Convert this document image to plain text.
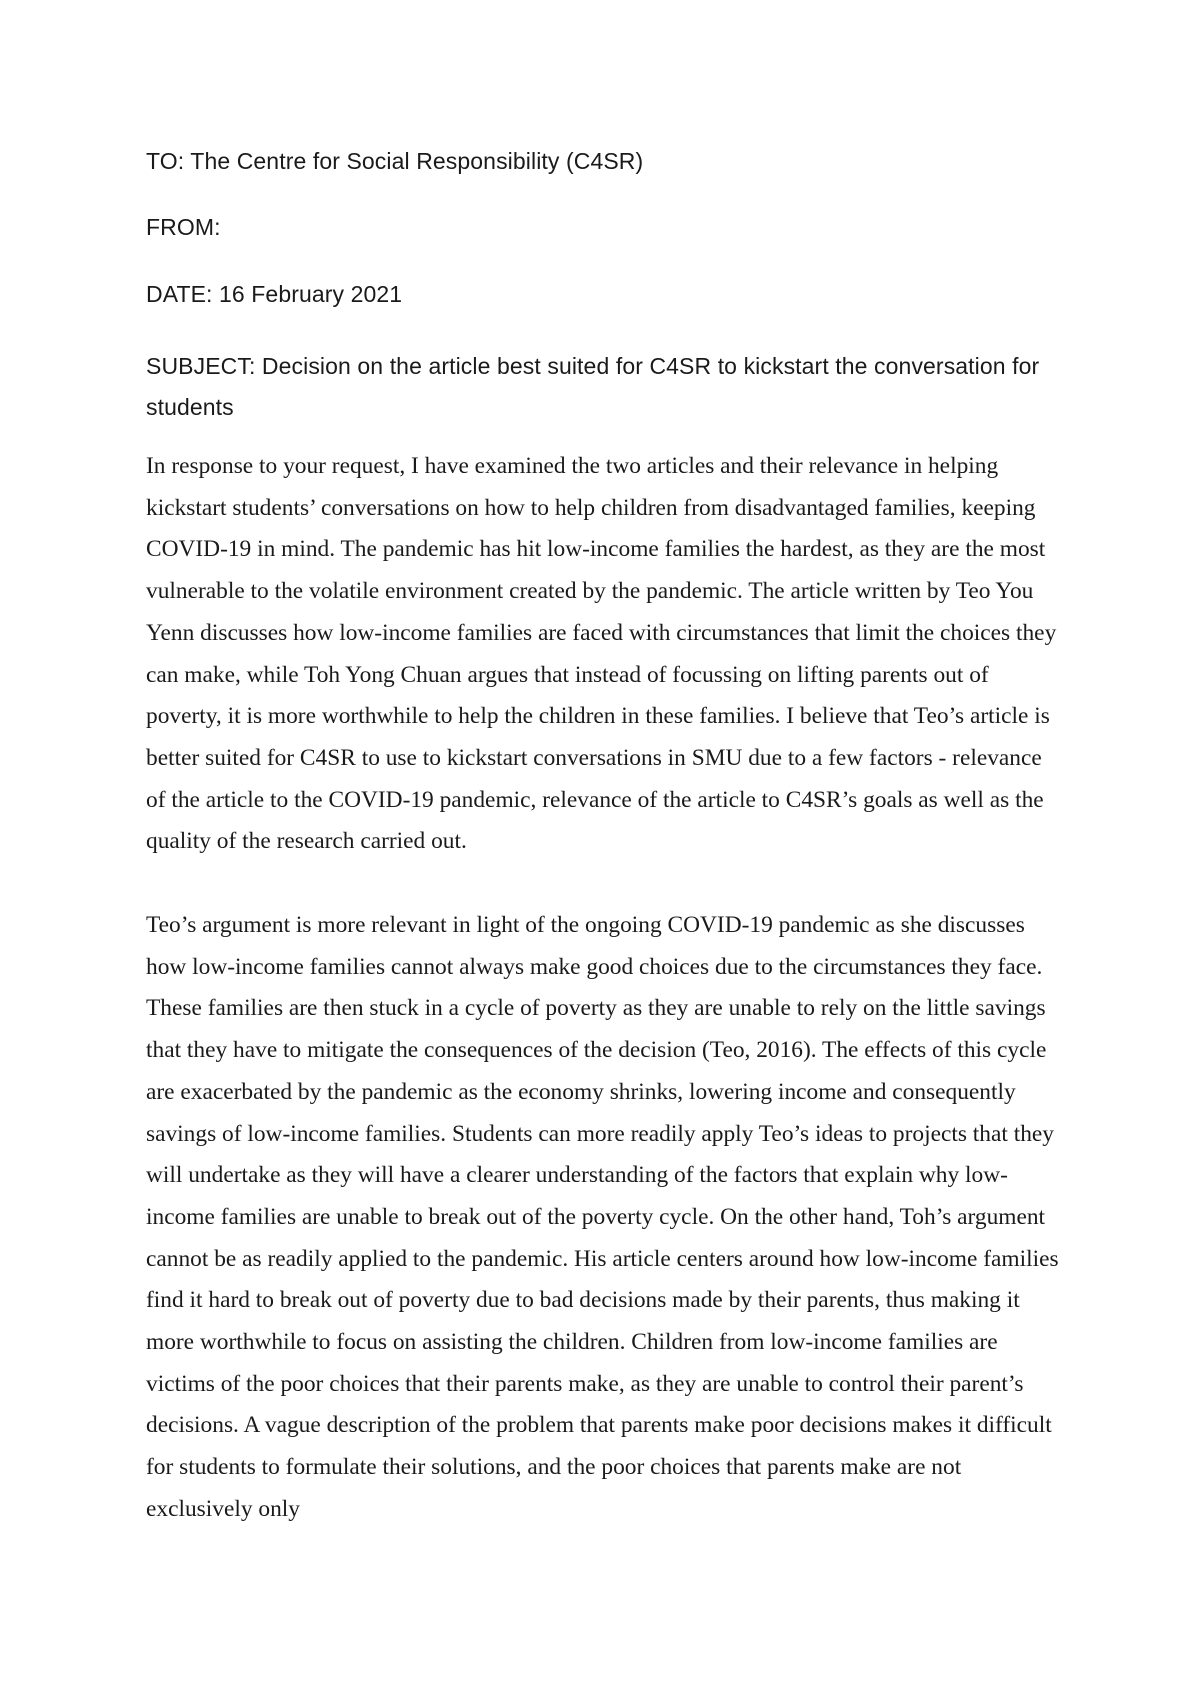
TO: The Centre for Social Responsibility (C4SR)
FROM:
DATE: 16 February 2021
SUBJECT: Decision on the article best suited for C4SR to kickstart the conversation for students

In response to your request, I have examined the two articles and their relevance in helping kickstart students’ conversations on how to help children from disadvantaged families, keeping COVID-19 in mind. The pandemic has hit low-income families the hardest, as they are the most vulnerable to the volatile environment created by the pandemic. The article written by Teo You Yenn discusses how low-income families are faced with circumstances that limit the choices they can make, while Toh Yong Chuan argues that instead of focussing on lifting parents out of poverty, it is more worthwhile to help the children in these families. I believe that Teo’s article is better suited for C4SR to use to kickstart conversations in SMU due to a few factors - relevance of the article to the COVID-19 pandemic, relevance of the article to C4SR’s goals as well as the quality of the research carried out.

Teo’s argument is more relevant in light of the ongoing COVID-19 pandemic as she discusses how low-income families cannot always make good choices due to the circumstances they face. These families are then stuck in a cycle of poverty as they are unable to rely on the little savings that they have to mitigate the consequences of the decision (Teo, 2016). The effects of this cycle are exacerbated by the pandemic as the economy shrinks, lowering income and consequently savings of low-income families. Students can more readily apply Teo’s ideas to projects that they will undertake as they will have a clearer understanding of the factors that explain why low-income families are unable to break out of the poverty cycle. On the other hand, Toh’s argument cannot be as readily applied to the pandemic. His article centers around how low-income families find it hard to break out of poverty due to bad decisions made by their parents, thus making it more worthwhile to focus on assisting the children. Children from low-income families are victims of the poor choices that their parents make, as they are unable to control their parent’s decisions. A vague description of the problem that parents make poor decisions makes it difficult for students to formulate their solutions, and the poor choices that parents make are not exclusively only
